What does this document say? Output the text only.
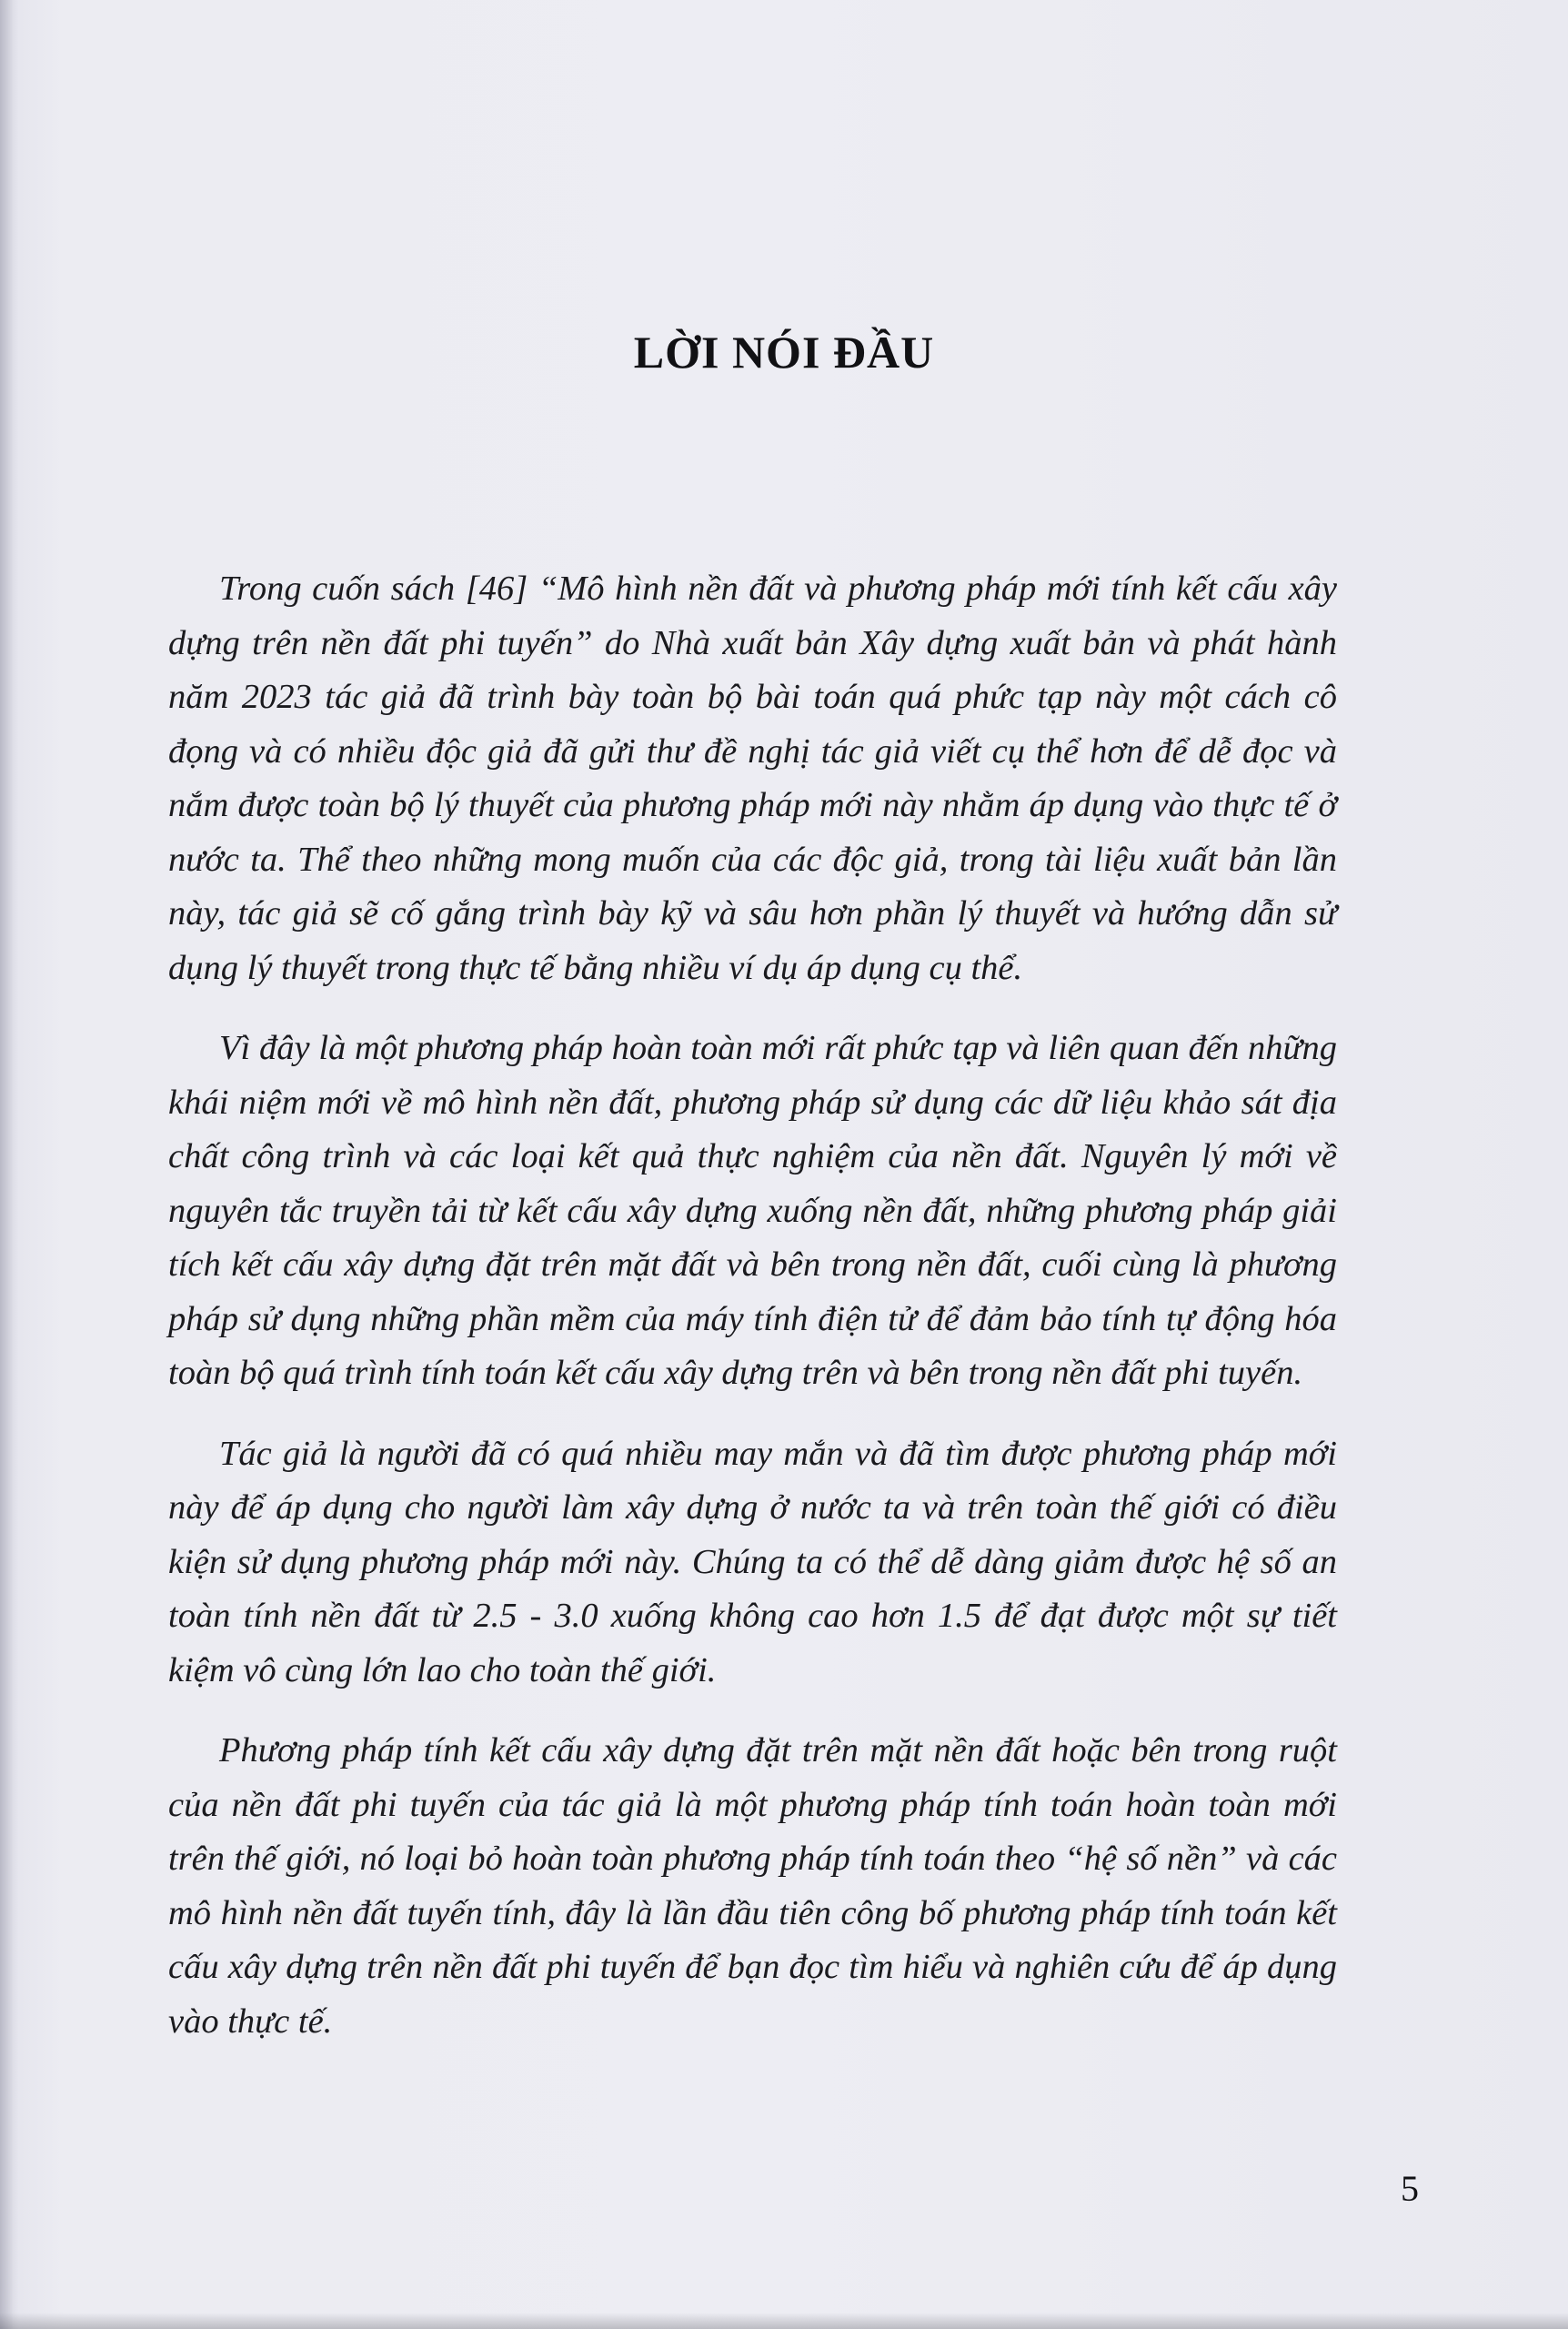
LỜI NÓI ĐẦU

Trong cuốn sách [46] “Mô hình nền đất và phương pháp mới tính kết cấu xây dựng trên nền đất phi tuyến” do Nhà xuất bản Xây dựng xuất bản và phát hành năm 2023 tác giả đã trình bày toàn bộ bài toán quá phức tạp này một cách cô đọng và có nhiều độc giả đã gửi thư đề nghị tác giả viết cụ thể hơn để dễ đọc và nắm được toàn bộ lý thuyết của phương pháp mới này nhằm áp dụng vào thực tế ở nước ta. Thể theo những mong muốn của các độc giả, trong tài liệu xuất bản lần này, tác giả sẽ cố gắng trình bày kỹ và sâu hơn phần lý thuyết và hướng dẫn sử dụng lý thuyết trong thực tế bằng nhiều ví dụ áp dụng cụ thể.

Vì đây là một phương pháp hoàn toàn mới rất phức tạp và liên quan đến những khái niệm mới về mô hình nền đất, phương pháp sử dụng các dữ liệu khảo sát địa chất công trình và các loại kết quả thực nghiệm của nền đất. Nguyên lý mới về nguyên tắc truyền tải từ kết cấu xây dựng xuống nền đất, những phương pháp giải tích kết cấu xây dựng đặt trên mặt đất và bên trong nền đất, cuối cùng là phương pháp sử dụng những phần mềm của máy tính điện tử để đảm bảo tính tự động hóa toàn bộ quá trình tính toán kết cấu xây dựng trên và bên trong nền đất phi tuyến.

Tác giả là người đã có quá nhiều may mắn và đã tìm được phương pháp mới này để áp dụng cho người làm xây dựng ở nước ta và trên toàn thế giới có điều kiện sử dụng phương pháp mới này. Chúng ta có thể dễ dàng giảm được hệ số an toàn tính nền đất từ 2.5 - 3.0 xuống không cao hơn 1.5 để đạt được một sự tiết kiệm vô cùng lớn lao cho toàn thế giới.

Phương pháp tính kết cấu xây dựng đặt trên mặt nền đất hoặc bên trong ruột của nền đất phi tuyến của tác giả là một phương pháp tính toán hoàn toàn mới trên thế giới, nó loại bỏ hoàn toàn phương pháp tính toán theo “hệ số nền” và các mô hình nền đất tuyến tính, đây là lần đầu tiên công bố phương pháp tính toán kết cấu xây dựng trên nền đất phi tuyến để bạn đọc tìm hiểu và nghiên cứu để áp dụng vào thực tế.

5
